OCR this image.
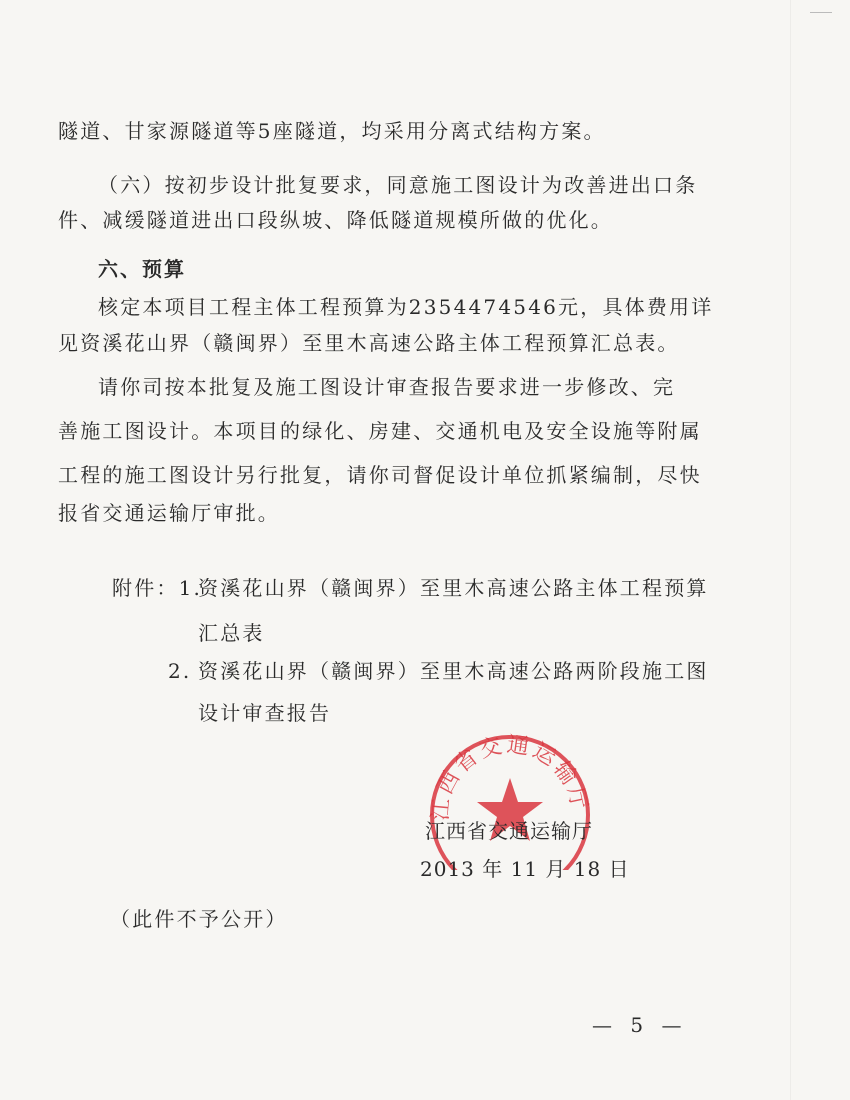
隧道、甘家源隧道等5座隧道，均采用分离式结构方案。
（六）按初步设计批复要求，同意施工图设计为改善进出口条
件、减缓隧道进出口段纵坡、降低隧道规模所做的优化。
六、预算
核定本项目工程主体工程预算为2354474546元，具体费用详
见资溪花山界（赣闽界）至里木高速公路主体工程预算汇总表。
请你司按本批复及施工图设计审查报告要求进一步修改、完
善施工图设计。本项目的绿化、房建、交通机电及安全设施等附属
工程的施工图设计另行批复，请你司督促设计单位抓紧编制，尽快
报省交通运输厅审批。
附件：1.
资溪花山界（赣闽界）至里木高速公路主体工程预算
汇总表
2. 资溪花山界（赣闽界）至里木高速公路两阶段施工图
设计审查报告
江西省交通运输厅
江西省交通运输厅
2013 年 11 月 18 日
（此件不予公开）
— 5 —
